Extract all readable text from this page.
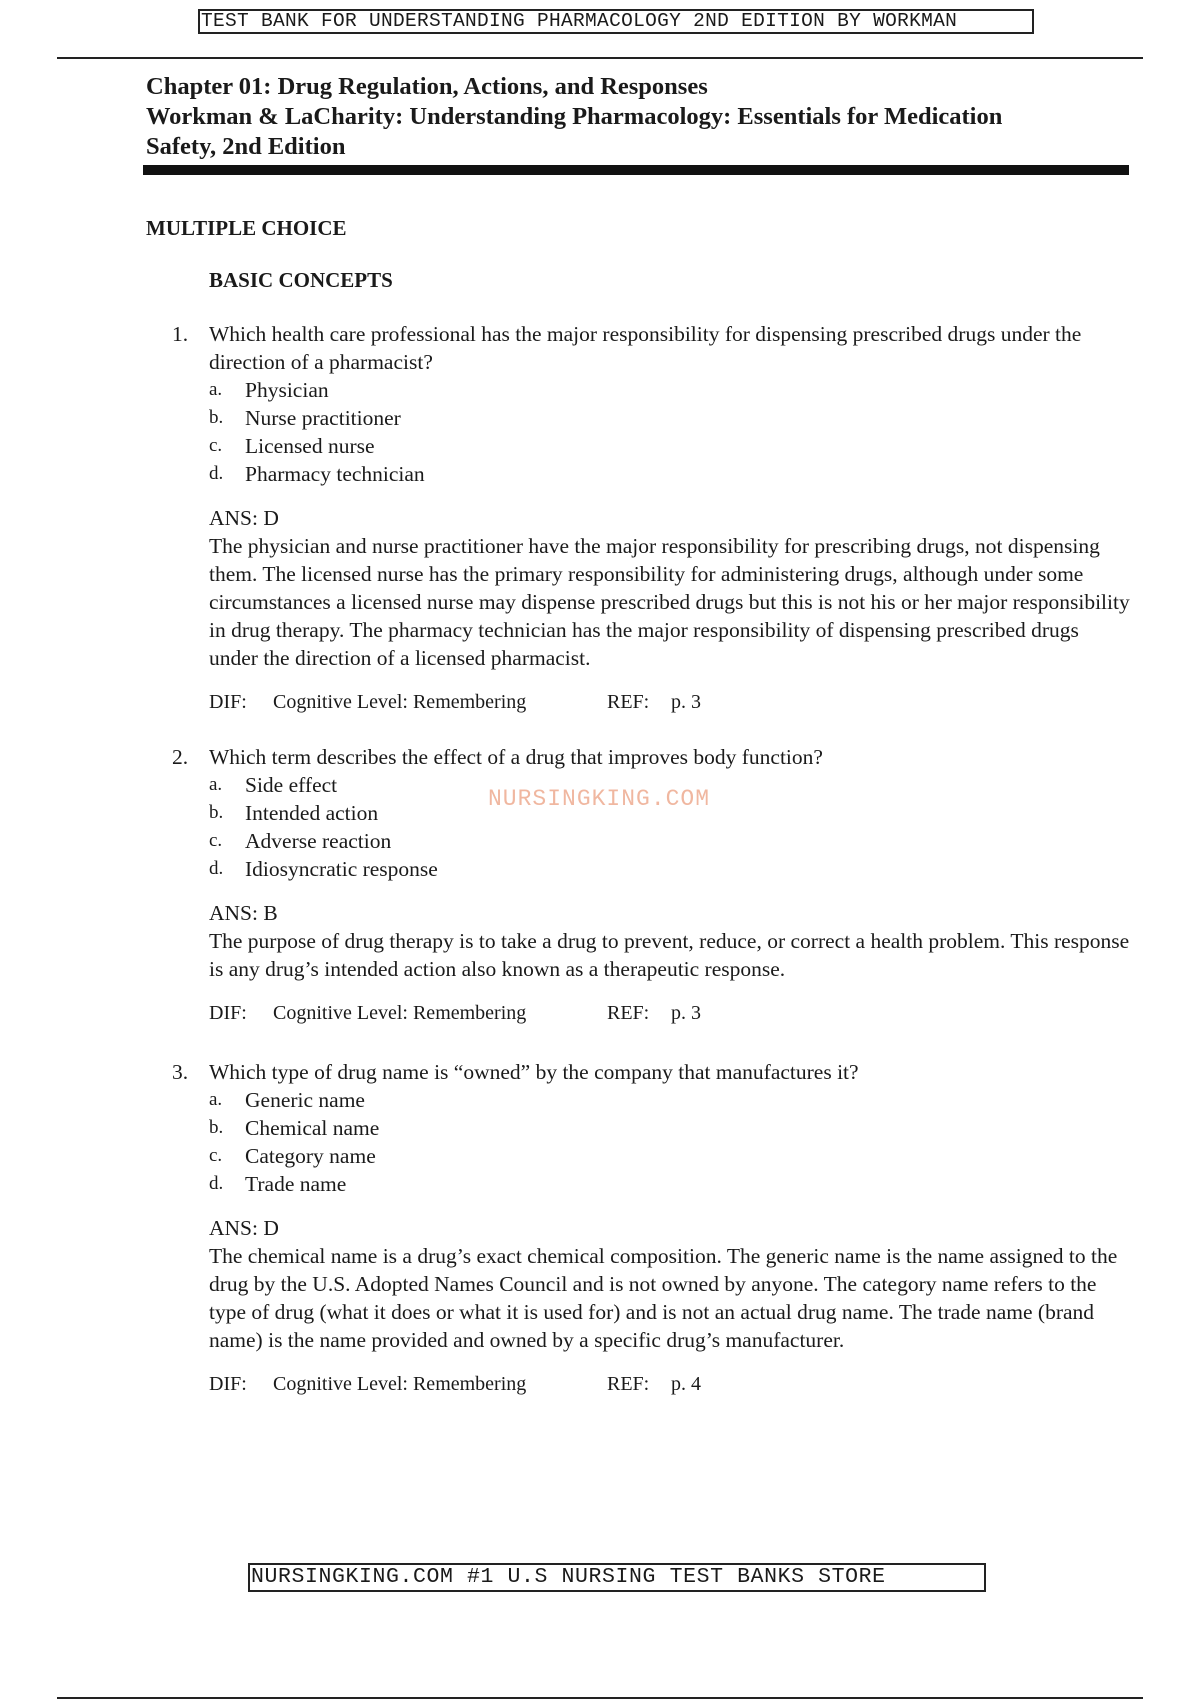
TEST BANK FOR UNDERSTANDING PHARMACOLOGY 2ND EDITION BY WORKMAN
Chapter 01: Drug Regulation, Actions, and Responses
Workman & LaCharity: Understanding Pharmacology: Essentials for Medication
Safety, 2nd Edition
MULTIPLE CHOICE
BASIC CONCEPTS
1. Which health care professional has the major responsibility for dispensing prescribed drugs under the direction of a pharmacist?
a.	Physician
b.	Nurse practitioner
c.	Licensed nurse
d.	Pharmacy technician
ANS: D
The physician and nurse practitioner have the major responsibility for prescribing drugs, not dispensing them. The licensed nurse has the primary responsibility for administering drugs, although under some circumstances a licensed nurse may dispense prescribed drugs but this is not his or her major responsibility in drug therapy. The pharmacy technician has the major responsibility of dispensing prescribed drugs under the direction of a licensed pharmacist.
DIF:	Cognitive Level: Remembering	REF:	p. 3
2. Which term describes the effect of a drug that improves body function?
a.	Side effect
b.	Intended action
c.	Adverse reaction
d.	Idiosyncratic response
ANS: B
The purpose of drug therapy is to take a drug to prevent, reduce, or correct a health problem. This response is any drug’s intended action also known as a therapeutic response.
DIF:	Cognitive Level: Remembering	REF:	p. 3
NURSINGKING.COM
3. Which type of drug name is “owned” by the company that manufactures it?
a.	Generic name
b.	Chemical name
c.	Category name
d.	Trade name
ANS: D
The chemical name is a drug’s exact chemical composition. The generic name is the name assigned to the drug by the U.S. Adopted Names Council and is not owned by anyone. The category name refers to the type of drug (what it does or what it is used for) and is not an actual drug name. The trade name (brand name) is the name provided and owned by a specific drug’s manufacturer.
DIF:	Cognitive Level: Remembering	REF:	p. 4
NURSINGKING.COM #1 U.S NURSING TEST BANKS STORE
